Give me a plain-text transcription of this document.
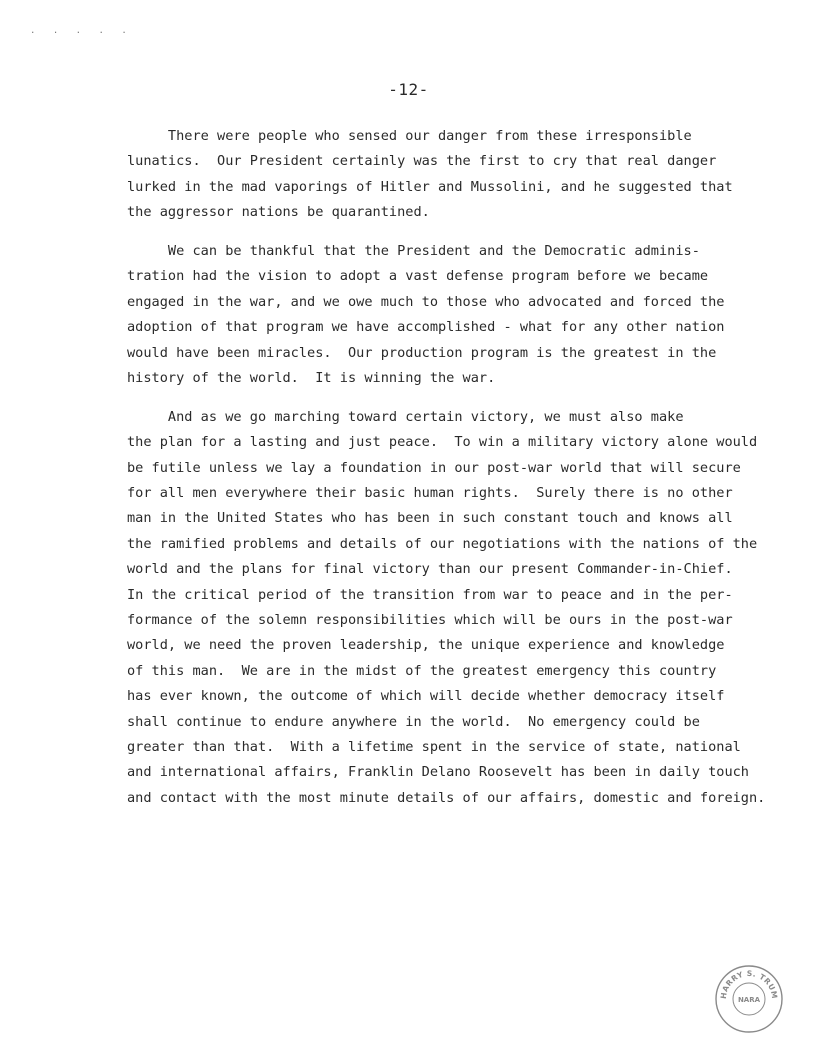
. . . . .
-12-
There were people who sensed our danger from these irresponsible
lunatics.  Our President certainly was the first to cry that real danger
lurked in the mad vaporings of Hitler and Mussolini, and he suggested that
the aggressor nations be quarantined.
We can be thankful that the President and the Democratic adminis-
tration had the vision to adopt a vast defense program before we became
engaged in the war, and we owe much to those who advocated and forced the
adoption of that program we have accomplished - what for any other nation
would have been miracles.  Our production program is the greatest in the
history of the world.  It is winning the war.
And as we go marching toward certain victory, we must also make
the plan for a lasting and just peace.  To win a military victory alone would
be futile unless we lay a foundation in our post-war world that will secure
for all men everywhere their basic human rights.  Surely there is no other
man in the United States who has been in such constant touch and knows all
the ramified problems and details of our negotiations with the nations of the
world and the plans for final victory than our present Commander-in-Chief.
In the critical period of the transition from war to peace and in the per-
formance of the solemn responsibilities which will be ours in the post-war
world, we need the proven leadership, the unique experience and knowledge
of this man.  We are in the midst of the greatest emergency this country
has ever known, the outcome of which will decide whether democracy itself
shall continue to endure anywhere in the world.  No emergency could be
greater than that.  With a lifetime spent in the service of state, national
and international affairs, Franklin Delano Roosevelt has been in daily touch
and contact with the most minute details of our affairs, domestic and foreign.
HARRY S. TRUM
NARA
